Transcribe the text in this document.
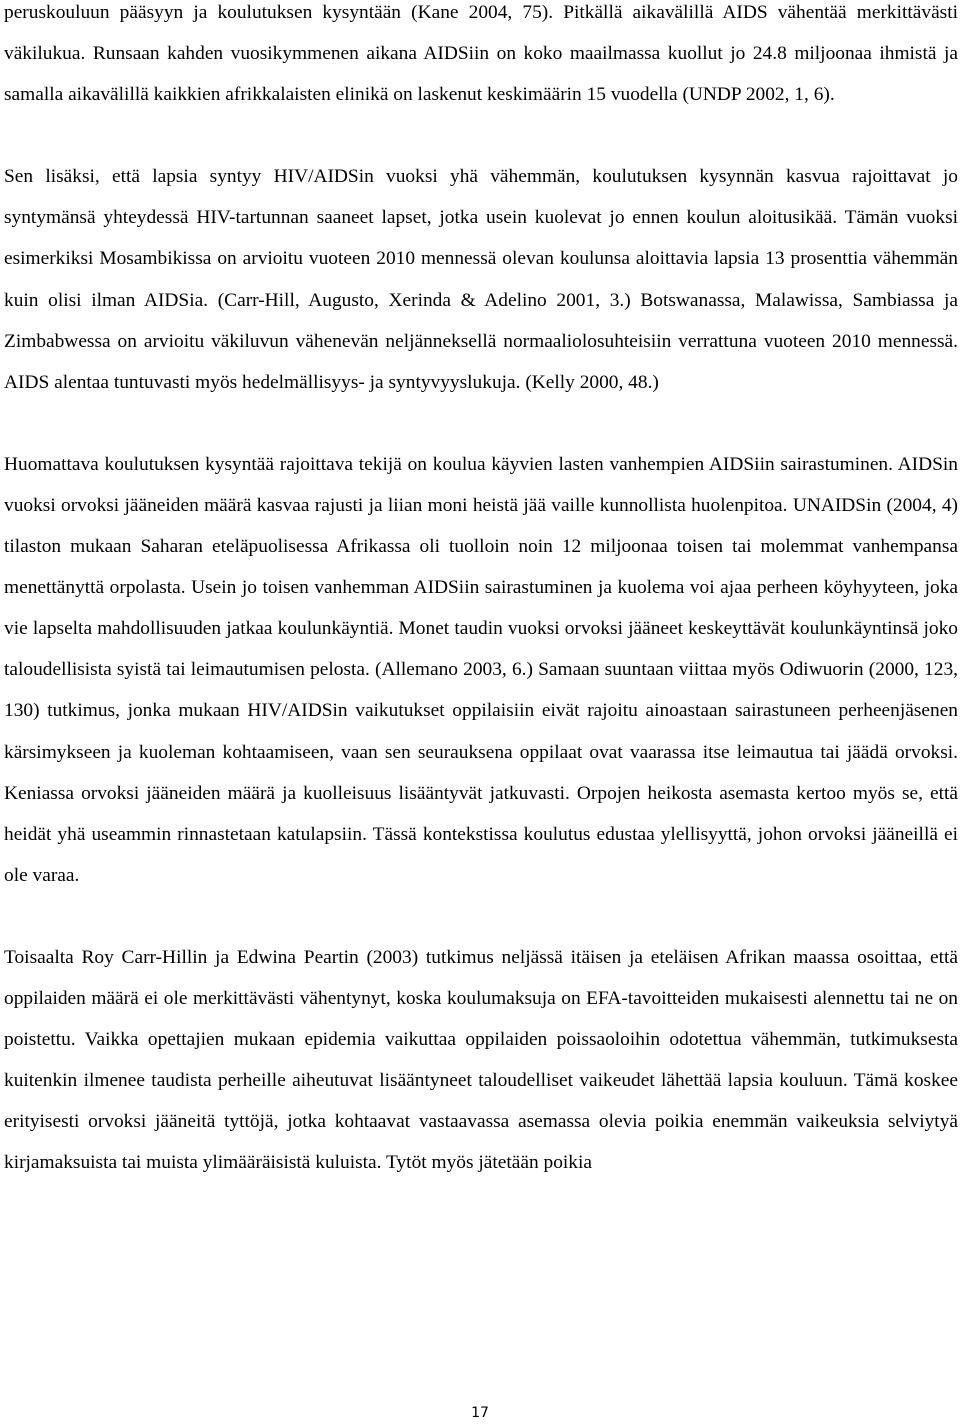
peruskouluun pääsyyn ja koulutuksen kysyntään (Kane 2004, 75). Pitkällä aikavälillä AIDS vähentää merkittävästi väkilukua. Runsaan kahden vuosikymmenen aikana AIDSiin on koko maailmassa kuollut jo 24.8 miljoonaa ihmistä ja samalla aikavälillä kaikkien afrikkalaisten elinikä on laskenut keskimäärin 15 vuodella (UNDP 2002, 1, 6).

Sen lisäksi, että lapsia syntyy HIV/AIDSin vuoksi yhä vähemmän, koulutuksen kysynnän kasvua rajoittavat jo syntymänsä yhteydessä HIV-tartunnan saaneet lapset, jotka usein kuolevat jo ennen koulun aloitusikää. Tämän vuoksi esimerkiksi Mosambikissa on arvioitu vuoteen 2010 mennessä olevan koulunsa aloittavia lapsia 13 prosenttia vähemmän kuin olisi ilman AIDSia. (Carr-Hill, Augusto, Xerinda & Adelino 2001, 3.) Botswanassa, Malawissa, Sambiassa ja Zimbabwessa on arvioitu väkiluvun vähenevän neljänneksellä normaaliolosuhteisiin verrattuna vuoteen 2010 mennessä. AIDS alentaa tuntuvasti myös hedelmällisyys- ja syntyvyyslukuja. (Kelly 2000, 48.)

Huomattava koulutuksen kysyntää rajoittava tekijä on koulua käyvien lasten vanhempien AIDSiin sairastuminen. AIDSin vuoksi orvoksi jääneiden määrä kasvaa rajusti ja liian moni heistä jää vaille kunnollista huolenpitoa. UNAIDSin (2004, 4) tilaston mukaan Saharan eteläpuolisessa Afrikassa oli tuolloin noin 12 miljoonaa toisen tai molemmat vanhempansa menettänyttä orpolasta. Usein jo toisen vanhemman AIDSiin sairastuminen ja kuolema voi ajaa perheen köyhyyteen, joka vie lapselta mahdollisuuden jatkaa koulunkäyntiä. Monet taudin vuoksi orvoksi jääneet keskeyttävät koulunkäyntinsä joko taloudellisista syistä tai leimautumisen pelosta. (Allemano 2003, 6.) Samaan suuntaan viittaa myös Odiwuorin (2000, 123, 130) tutkimus, jonka mukaan HIV/AIDSin vaikutukset oppilaisiin eivät rajoitu ainoastaan sairastuneen perheenjäsenen kärsimykseen ja kuoleman kohtaamiseen, vaan sen seurauksena oppilaat ovat vaarassa itse leimautua tai jäädä orvoksi. Keniassa orvoksi jääneiden määrä ja kuolleisuus lisääntyvät jatkuvasti. Orpojen heikosta asemasta kertoo myös se, että heidät yhä useammin rinnastetaan katulapsiin. Tässä kontekstissa koulutus edustaa ylellisyyttä, johon orvoksi jääneillä ei ole varaa.

Toisaalta Roy Carr-Hillin ja Edwina Peartin (2003) tutkimus neljässä itäisen ja eteläisen Afrikan maassa osoittaa, että oppilaiden määrä ei ole merkittävästi vähentynyt, koska koulumaksuja on EFA-tavoitteiden mukaisesti alennettu tai ne on poistettu. Vaikka opettajien mukaan epidemia vaikuttaa oppilaiden poissaoloihin odotettua vähemmän, tutkimuksesta kuitenkin ilmenee taudista perheille aiheutuvat lisääntyneet taloudelliset vaikeudet lähettää lapsia kouluun. Tämä koskee erityisesti orvoksi jääneitä tyttöjä, jotka kohtaavat vastaavassa asemassa olevia poikia enemmän vaikeuksia selviytyä kirjamaksuista tai muista ylimääräisistä kuluista. Tytöt myös jätetään poikia

17
